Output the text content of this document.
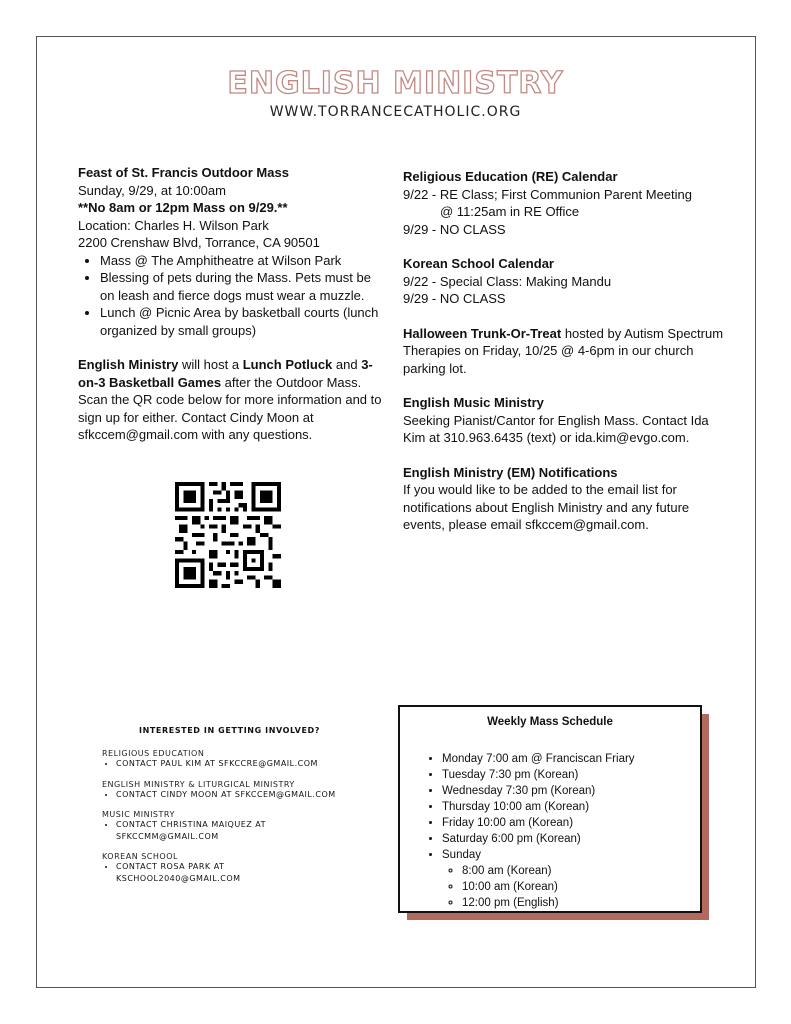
ENGLISH MINISTRY
WWW.TORRANCECATHOLIC.ORG

Feast of St. Francis Outdoor Mass

Sunday, 9/29, at 10:00am

**No 8am or 12pm Mass on 9/29.**

Location: Charles H. Wilson Park

2200 Crenshaw Blvd, Torrance, CA 90501

• Mass @ The Amphitheatre at Wilson Park
• Blessing of pets during the Mass. Pets must be on leash and fierce dogs must wear a muzzle.
• Lunch @ Picnic Area by basketball courts (lunch organized by small groups)

English Ministry will host a Lunch Potluck and 3-on-3 Basketball Games after the Outdoor Mass. Scan the QR code below for more information and to sign up for either. Contact Cindy Moon at sfkccem@gmail.com with any questions.

Religious Education (RE) Calendar

9/22 - RE Class; First Communion Parent Meeting

@ 11:25am in RE Office

9/29 - NO CLASS

Korean School Calendar

9/22 - Special Class: Making Mandu

9/29 - NO CLASS

Halloween Trunk-Or-Treat hosted by Autism Spectrum Therapies on Friday, 10/25 @ 4-6pm in our church parking lot.

English Music Ministry

Seeking Pianist/Cantor for English Mass. Contact Ida Kim at 310.963.6435 (text) or ida.kim@evgo.com.

English Ministry (EM) Notifications

If you would like to be added to the email list for notifications about English Ministry and any future events, please email sfkccem@gmail.com.

INTERESTED IN GETTING INVOLVED?
RELIGIOUS EDUCATION
• CONTACT PAUL KIM AT SFKCCRE@GMAIL.COM
ENGLISH MINISTRY & LITURGICAL MINISTRY
• CONTACT CINDY MOON AT SFKCCEM@GMAIL.COM
MUSIC MINISTRY
• CONTACT CHRISTINA MAIQUEZ AT SFKCCMM@GMAIL.COM
KOREAN SCHOOL
• CONTACT ROSA PARK AT KSCHOOL2040@GMAIL.COM
Weekly Mass Schedule
• Monday 7:00 am @ Franciscan Friary
• Tuesday 7:30 pm (Korean)
• Wednesday 7:30 pm (Korean)
• Thursday 10:00 am (Korean)
• Friday 10:00 am (Korean)
• Saturday 6:00 pm (Korean)
• Sunday
◦ 8:00 am (Korean)
◦ 10:00 am (Korean)
◦ 12:00 pm (English)
